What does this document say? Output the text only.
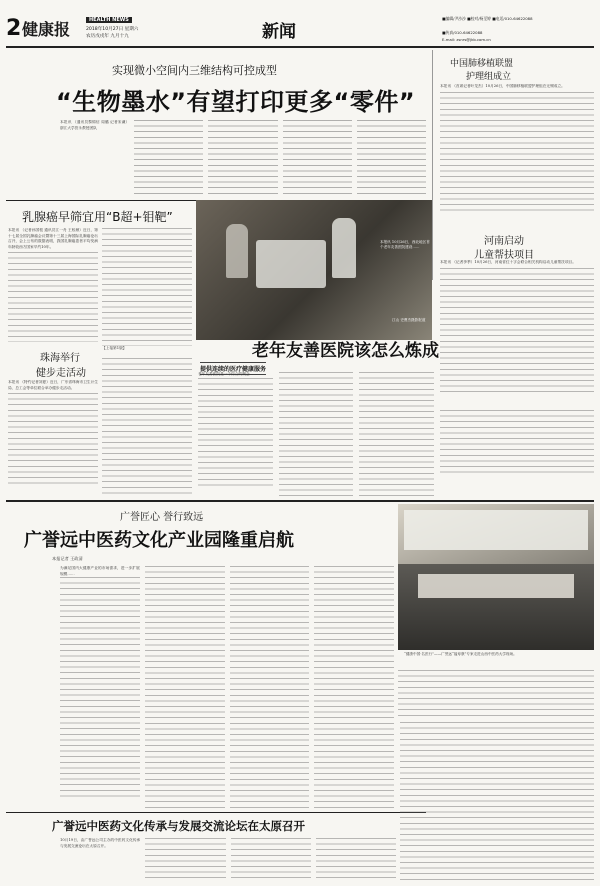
2 健康报	HEALTH NEWS
2018年10月27日 星期六
农历戊戌年 九月十九	新闻
■编辑/尹沙沙 ■校对/杨至婷 ■电话/010-64622088
■传真/010-64622088
E-mail: zsnrs@jkb.com.cn
实现微小空间内三维结构可控成型
“生物墨水”有望打印更多“零件”
本报讯 （通讯员黎锦信 周璐 记者宋谦）浙江大学贺永教授团队
中国肺移植联盟
护理组成立
本报讯 （首席记者叶龙杰）10月26日，中国肺移植联盟护理组在无锡成立。
河南启动
儿童帮扶项目
本报讯 （记者李季）10月26日，河南省红十字会联合相关机构启动儿童帮扶项目。
乳腺癌早筛宜用“B超+钼靶”
本报讯 （记者孙国根 通讯员江一舟 王蛟雁）近日，第十七届全国乳腺癌会议暨第十三届上海国际乳腺癌论坛召开，会上公布的数据表明，我国乳腺癌患者平均发病年龄较西方国家早约10年。
珠海举行
健步走活动
本报讯 （特约记者刘夏）近日，广东省珠海市卫生计生局、总工会等单位联合举办健步走活动。
本报讯 10月26日，西北地区首个老年友善医院建设……
江山 史曹杰摄影报道
【上接第1版】	老年友善医院该怎么炼成
提供连续的医疗健康服务
老年友善医院是一个综合的概念……
广誉匠心 誉行致远
广誉远中医药文化产业园隆重启航
本报记者 王政清
为满足国内大健康产业的市场需求，进一步扩展规模……
“健康中国·名医行”——广誉远“福寿康”专家走进山西中医药大学现场。
广誉远中医药文化传承与发展交流论坛在太原召开
10月19日，由广誉远公司主办的中医药文化传承与发展交流论坛在太原召开。
